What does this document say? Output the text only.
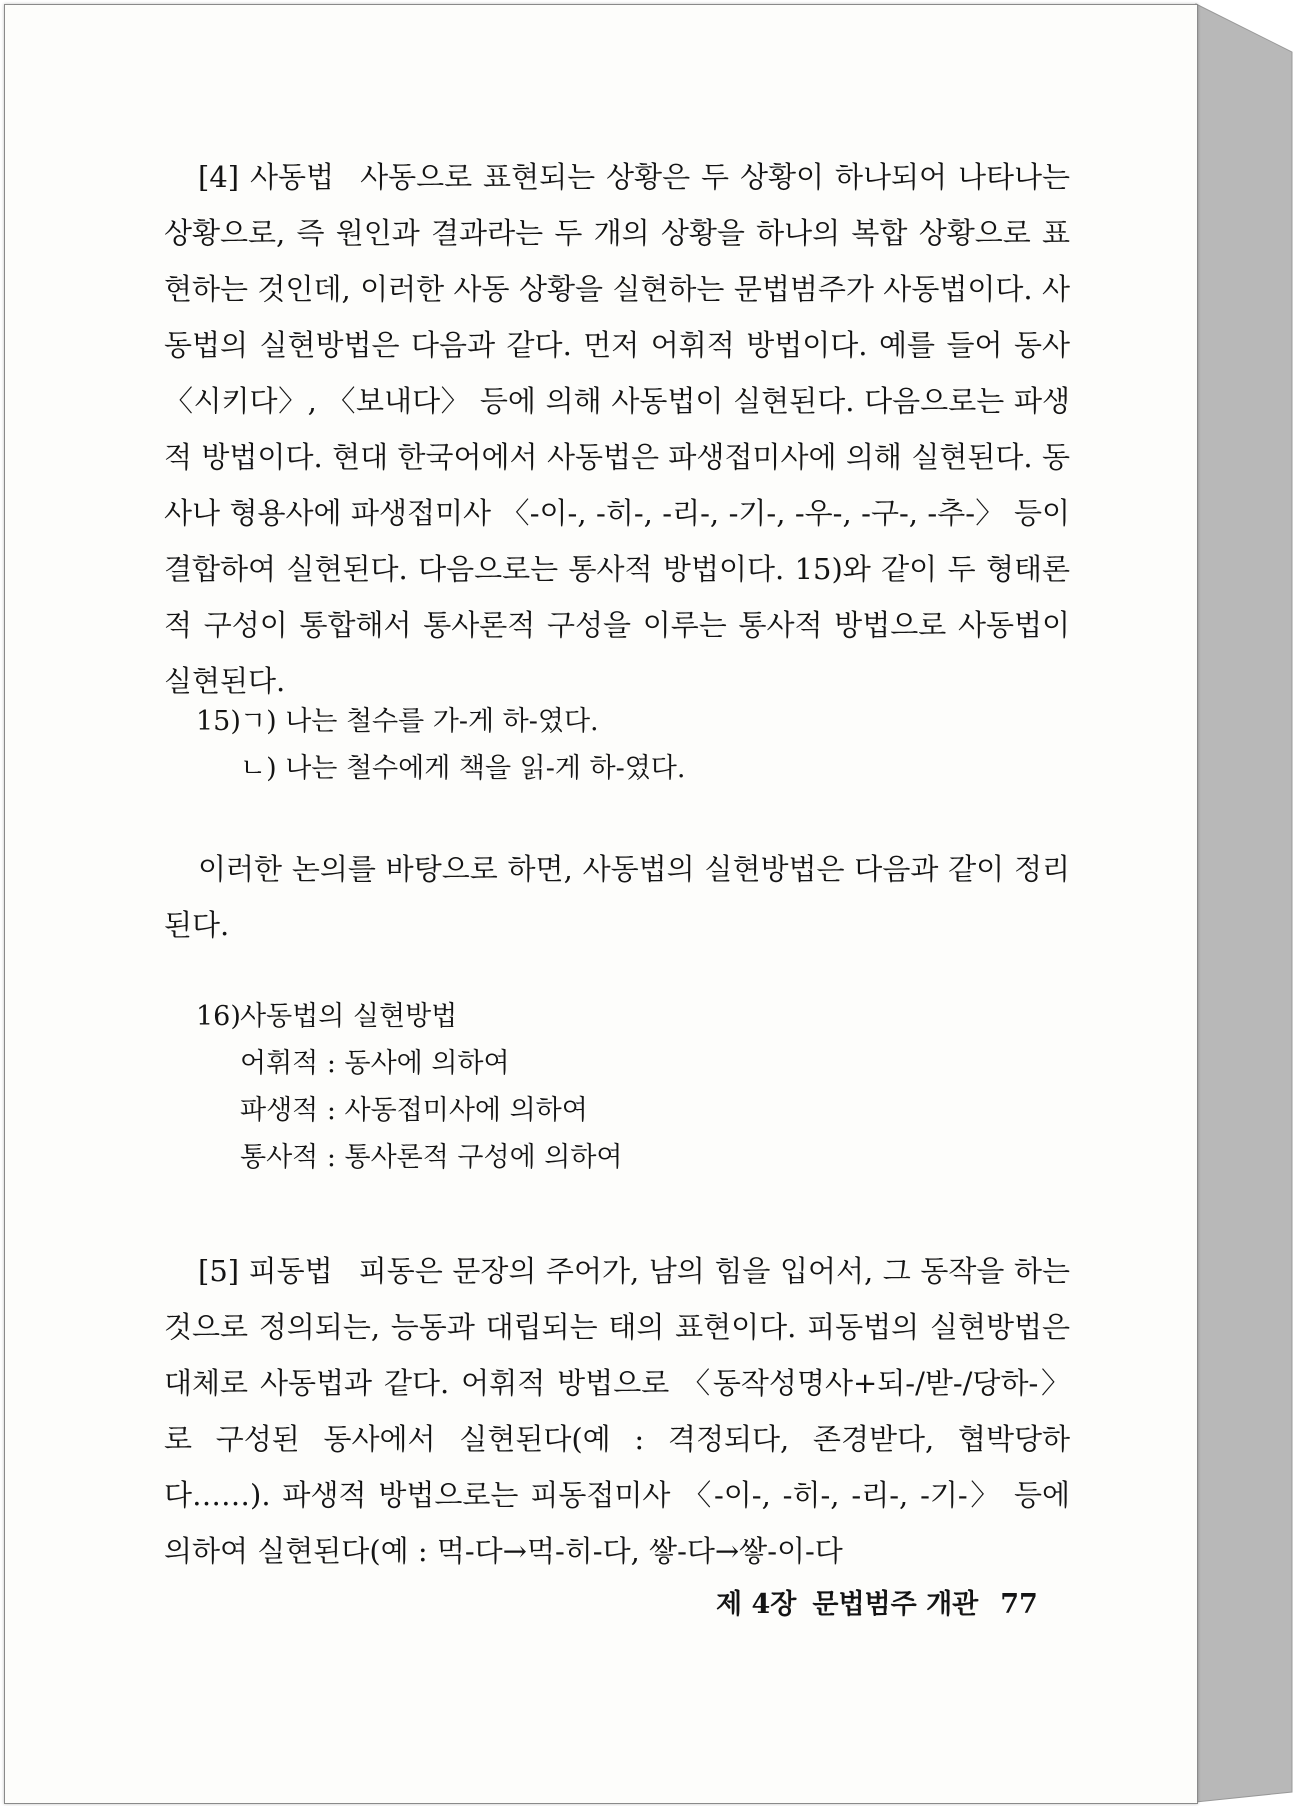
[4] 사동법 사동으로 표현되는 상황은 두 상황이 하나되어 나타나는 상황으로, 즉 원인과 결과라는 두 개의 상황을 하나의 복합 상황으로 표현하는 것인데, 이러한 사동 상황을 실현하는 문법범주가 사동법이다. 사동법의 실현방법은 다음과 같다. 먼저 어휘적 방법이다. 예를 들어 동사 〈시키다〉, 〈보내다〉 등에 의해 사동법이 실현된다. 다음으로는 파생적 방법이다. 현대 한국어에서 사동법은 파생접미사에 의해 실현된다. 동사나 형용사에 파생접미사 〈-이-, -히-, -리-, -기-, -우-, -구-, -추-〉 등이 결합하여 실현된다. 다음으로는 통사적 방법이다. 15)와 같이 두 형태론적 구성이 통합해서 통사론적 구성을 이루는 통사적 방법으로 사동법이 실현된다.

15)ㄱ) 나는 철수를 가-게 하-였다.
ㄴ) 나는 철수에게 책을 읽-게 하-였다.

이러한 논의를 바탕으로 하면, 사동법의 실현방법은 다음과 같이 정리된다.

16)사동법의 실현방법
어휘적 : 동사에 의하여
파생적 : 사동접미사에 의하여
통사적 : 통사론적 구성에 의하여

[5] 피동법 피동은 문장의 주어가, 남의 힘을 입어서, 그 동작을 하는 것으로 정의되는, 능동과 대립되는 태의 표현이다. 피동법의 실현방법은 대체로 사동법과 같다. 어휘적 방법으로 〈동작성명사+되-/받-/당하-〉로 구성된 동사에서 실현된다(예 : 격정되다, 존경받다, 협박당하다……). 파생적 방법으로는 피동접미사 〈-이-, -히-, -리-, -기-〉 등에 의하여 실현된다(예 : 먹-다→먹-히-다, 쌓-다→쌓-이-다

제 4장 문법범주 개관 77
